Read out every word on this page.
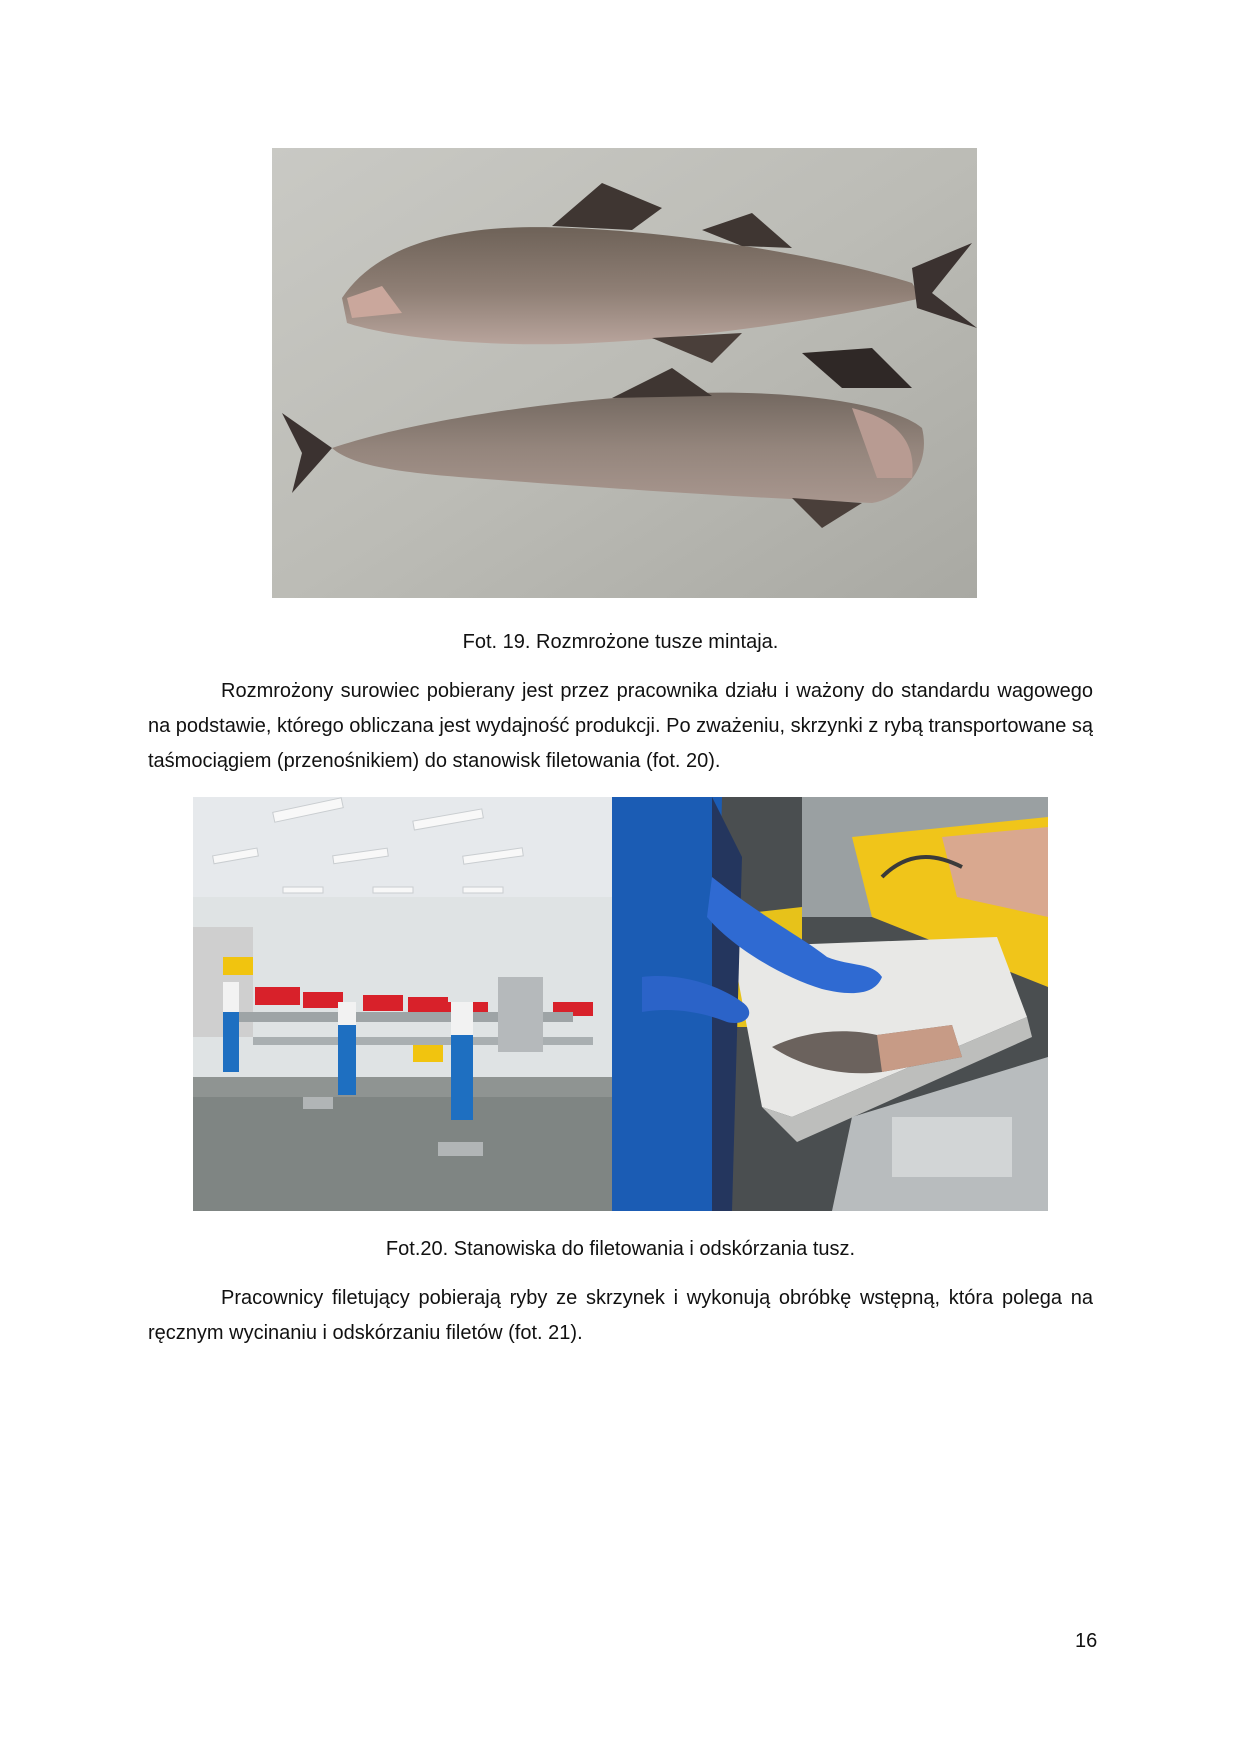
Fot. 19. Rozmrożone tusze mintaja.

Rozmrożony surowiec pobierany jest przez pracownika działu i ważony do standardu wagowego na podstawie, którego obliczana jest wydajność produkcji. Po zważeniu, skrzynki z rybą transportowane są taśmociągiem (przenośnikiem) do stanowisk filetowania (fot. 20).

Fot.20. Stanowiska do filetowania i odskórzania tusz.

Pracownicy filetujący pobierają ryby ze skrzynek i wykonują obróbkę wstępną, która polega na ręcznym wycinaniu i odskórzaniu filetów (fot. 21).

16
